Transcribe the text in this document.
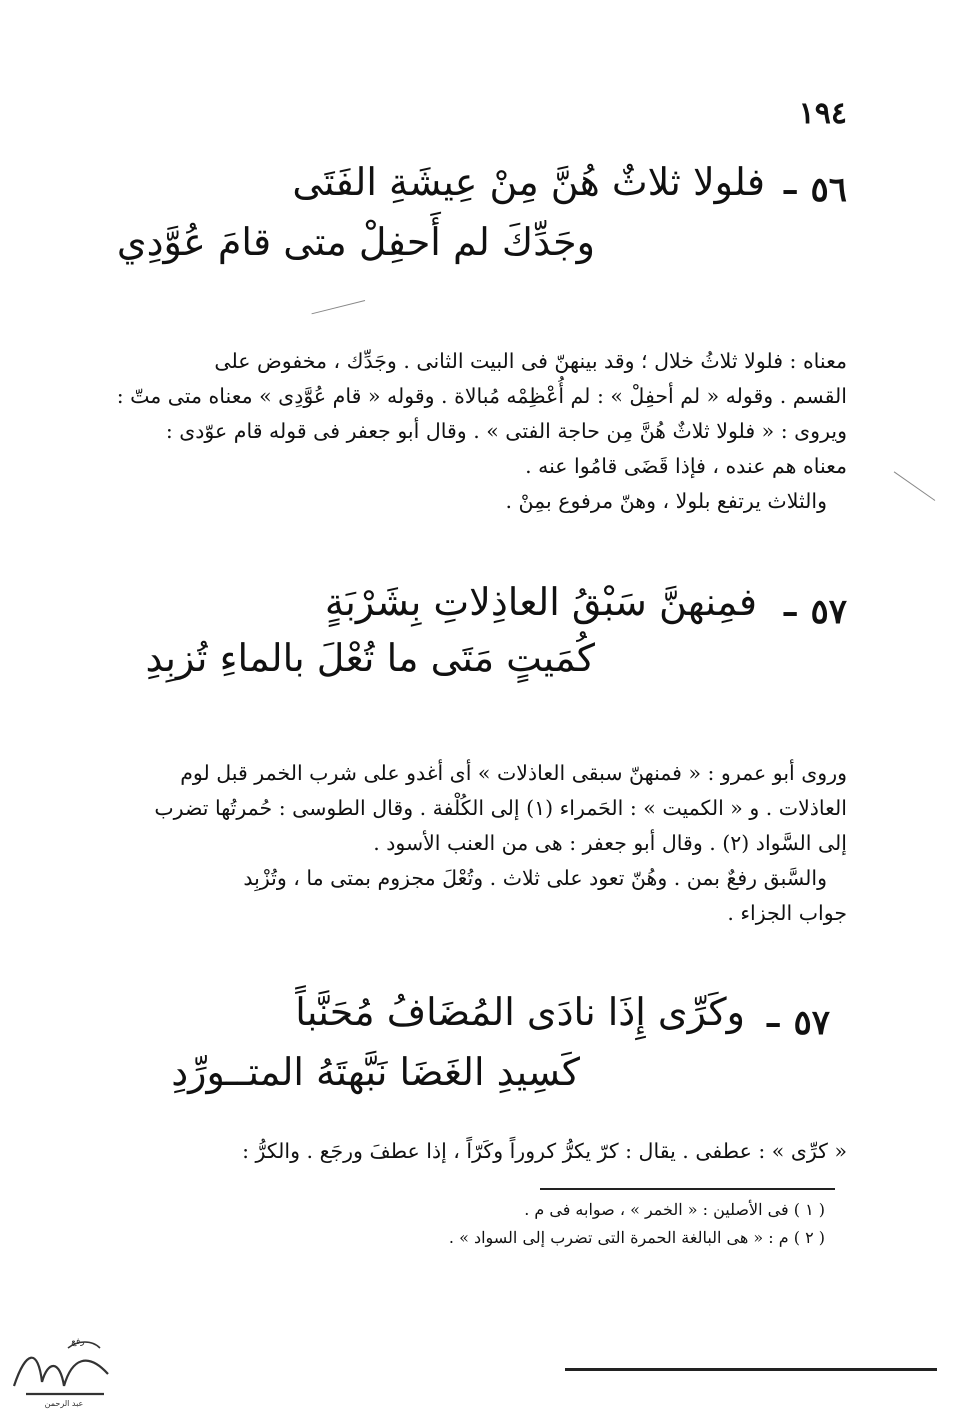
١٩٤
٥٦ –
فلولا ثلاثٌ هُنَّ مِنْ عِيشَةِ الفَتَى
وجَدِّكَ لم أَحفِلْ متى قامَ عُوَّدِي
معناه : فلولا ثلاثُ خلال ؛ وقد بينهنّ فى البيت الثانى . وجَدِّك ، مخفوض على
القسم . وقوله « لم أحفِلْ » : لم أُعْظِمْه مُبالاة . وقوله « قام عُوَّدِى » معناه متى متّ :
ويروى : « فلولا ثلاثٌ هُنَّ مِن حاجة الفتى » . وقال أبو جعفر فى قوله قام عوّدى :
معناه هم عنده ، فإذا قَضَى قامُوا عنه .
والثلاث يرتفع بلولا ، وهنّ مرفوع بمِنْ .
٥٧ –
فمِنهنَّ سَبْقُ العاذِلاتِ بِشَرْبَةٍ
كُمَيتٍ مَتَى ما تُعْلَ بالماءِ تُزبِدِ
وروى أبو عمرو : « فمنهنّ سبقى العاذلات » أى أغدو على شرب الخمر قبل لوم
العاذلات . و « الكميت » : الحَمراء (١) إلى الكُلْفة . وقال الطوسى : حُمرتُها تضرب
إلى السَّواد (٢) . وقال أبو جعفر : هى من العنب الأسود .
والسَّبق رفعٌ بمن . وهُنّ تعود على ثلاث . وتُعْلَ مجزوم بمتى ما ، وتُزْبِد
جواب الجزاء .
٥٧ –
وكَرِّى إِذَا نادَى المُضَافُ مُحَنَّباً
كَسِيدِ الغَضَا نَبَّهتَهُ المتــورِّدِ
« كرِّى » : عطفى . يقال : كرّ يكرُّ كروراً وكَرّاً ، إذا عطفَ ورجَع . والكرُّ :
( ١ ) فى الأصلين : « الخمر » ، صوابه فى م .
( ٢ ) م : « هى البالغة الحمرة التى تضرب إلى السواد » .
رفع
عبد الرحمن
